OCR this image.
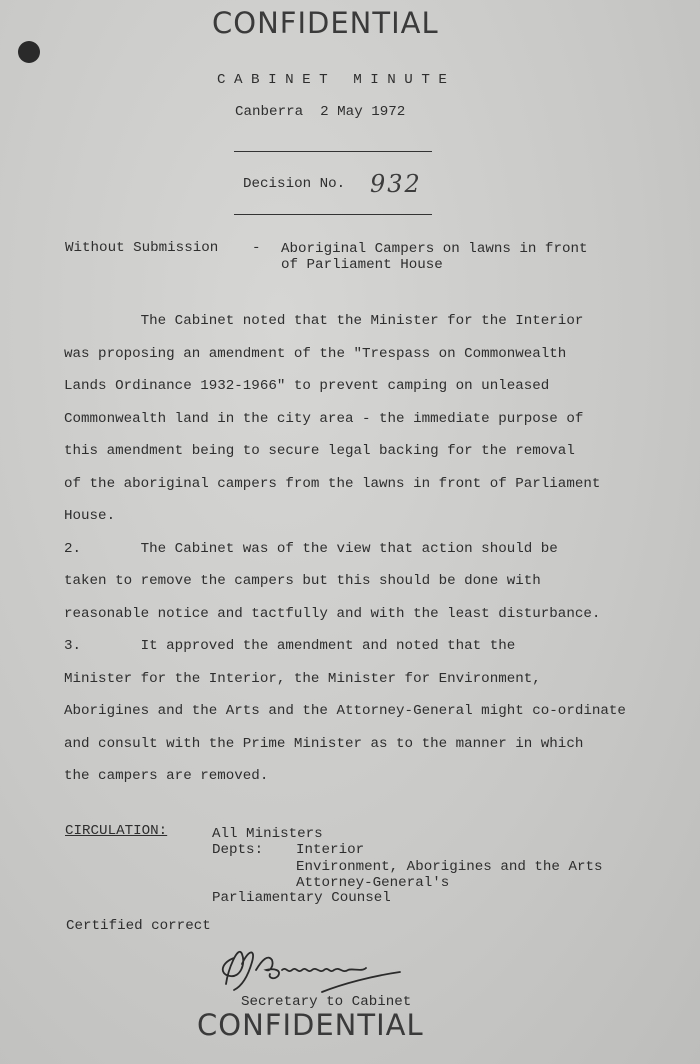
CONFIDENTIAL
C A B I N E T   M I N U T E
Canberra  2 May 1972
Decision No. 932
Without Submission - Aboriginal Campers on lawns in front
of Parliament House
The Cabinet noted that the Minister for the Interior
was proposing an amendment of the "Trespass on Commonwealth
Lands Ordinance 1932-1966" to prevent camping on unleased
Commonwealth land in the city area - the immediate purpose of
this amendment being to secure legal backing for the removal
of the aboriginal campers from the lawns in front of Parliament
House.
2.       The Cabinet was of the view that action should be
taken to remove the campers but this should be done with
reasonable notice and tactfully and with the least disturbance.
3.       It approved the amendment and noted that the
Minister for the Interior, the Minister for Environment,
Aborigines and the Arts and the Attorney-General might co-ordinate
and consult with the Prime Minister as to the manner in which
the campers are removed.
CIRCULATION:	All Ministers
Depts: Interior
Environment, Aborigines and the Arts
Attorney-General's
Parliamentary Counsel
Certified correct
Secretary to Cabinet
CONFIDENTIAL
